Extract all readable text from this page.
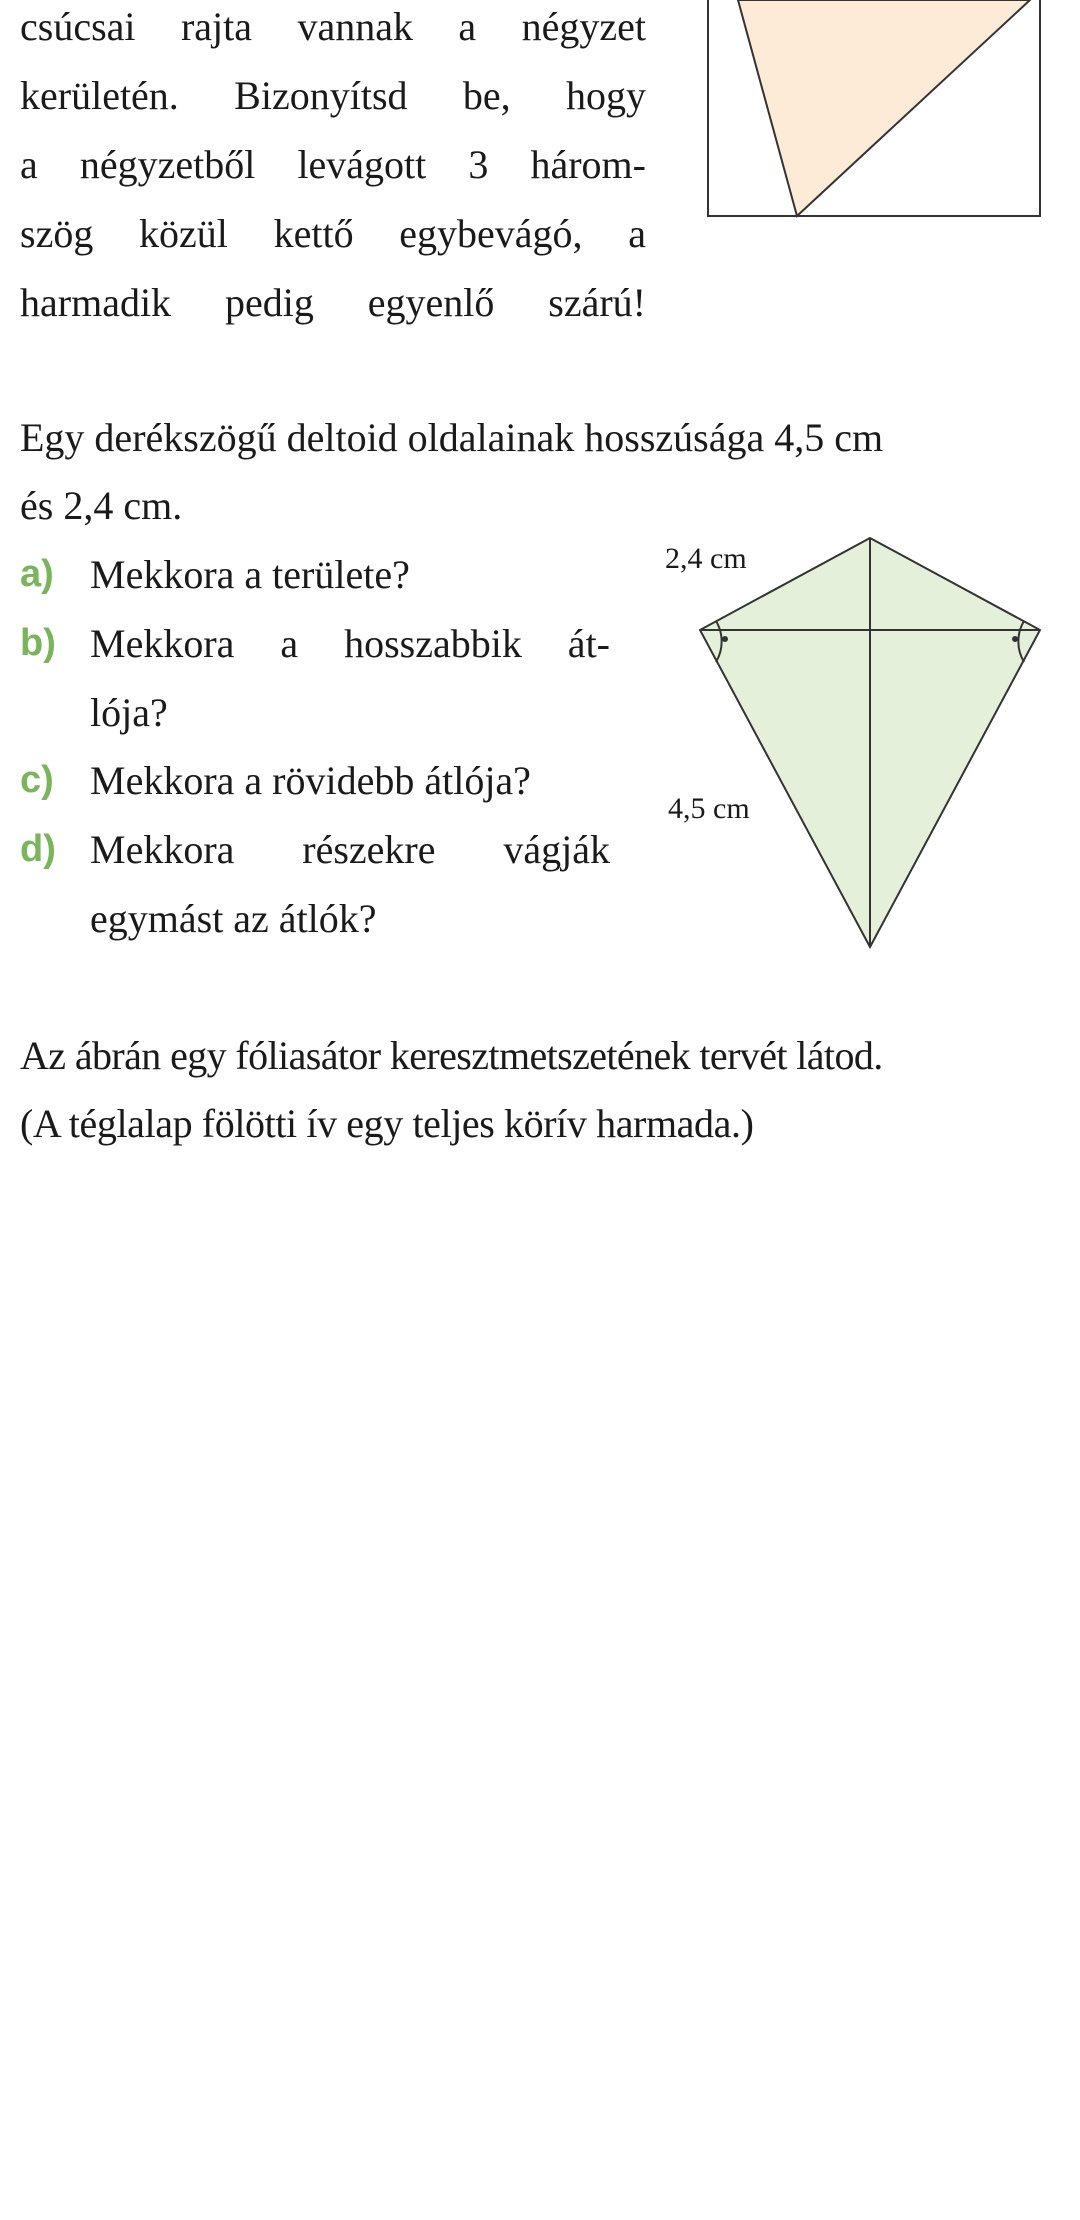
csúcsai rajta vannak a négyzet
kerületén. Bizonyítsd be, hogy
a négyzetből levágott 3 három-
szög közül kettő egybevágó, a
harmadik pedig egyenlő szárú!
Egy derékszögű deltoid oldalainak hosszúsága 4,5 cm
és 2,4 cm.
a) Mekkora a területe?
b) Mekkora a hosszabbik át-
lója?
c) Mekkora a rövidebb átlója?
d) Mekkora részekre vágják
egymást az átlók?
2,4 cm
4,5 cm
Az ábrán egy fóliasátor keresztmetszetének tervét látod.
(A téglalap fölötti ív egy teljes körív harmada.)
